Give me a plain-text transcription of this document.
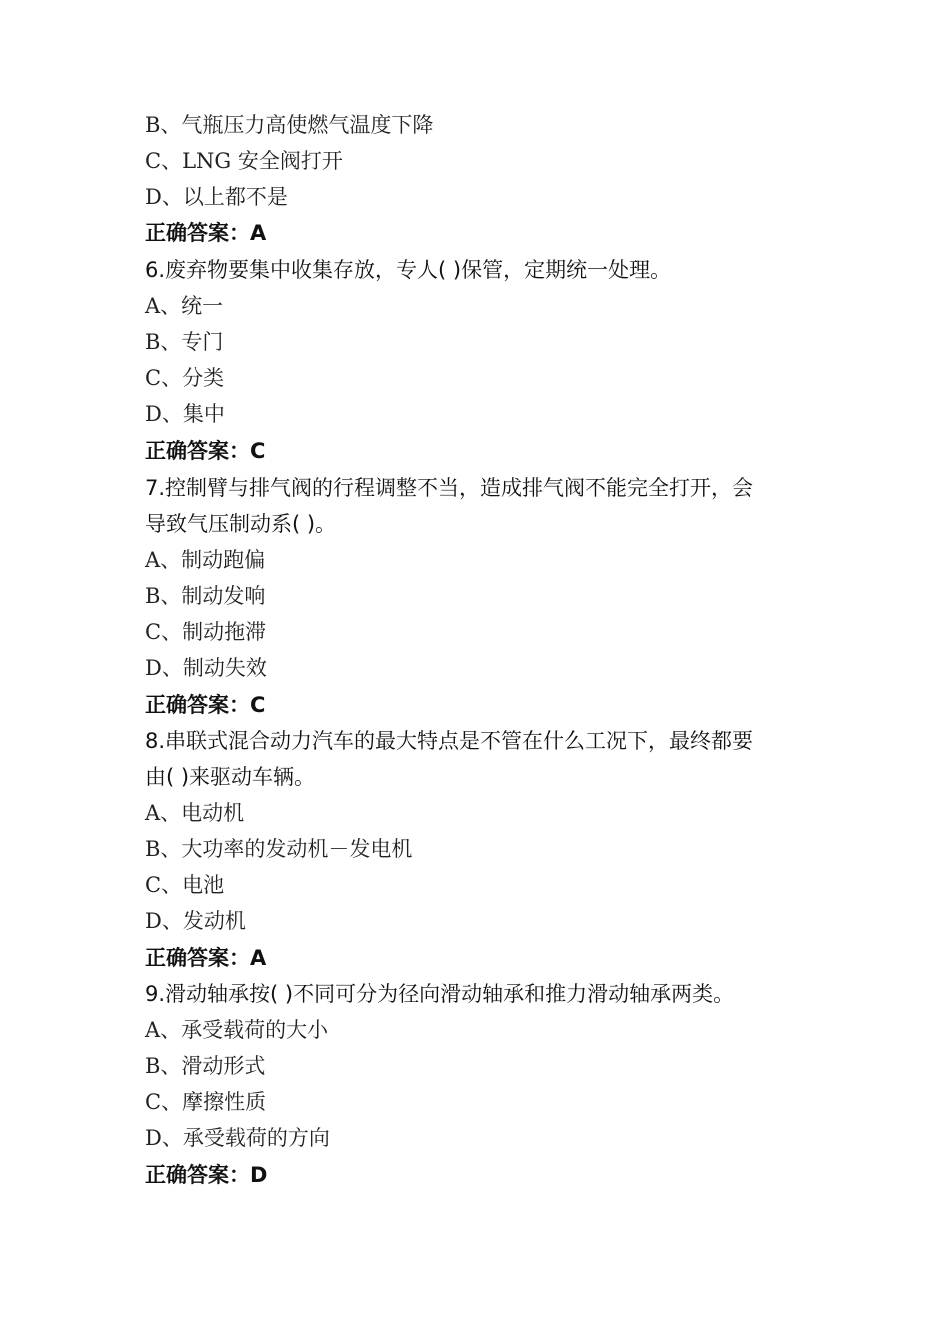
B、气瓶压力高使燃气温度下降
C、LNG 安全阀打开
D、以上都不是
正确答案：A
6.废弃物要集中收集存放，专人( )保管，定期统一处理。
A、统一
B、专门
C、分类
D、集中
正确答案：C
7.控制臂与排气阀的行程调整不当，造成排气阀不能完全打开，会
导致气压制动系( )。
A、制动跑偏
B、制动发响
C、制动拖滞
D、制动失效
正确答案：C
8.串联式混合动力汽车的最大特点是不管在什么工况下，最终都要
由( )来驱动车辆。
A、电动机
B、大功率的发动机－发电机
C、电池
D、发动机
正确答案：A
9.滑动轴承按( )不同可分为径向滑动轴承和推力滑动轴承两类。
A、承受载荷的大小
B、滑动形式
C、摩擦性质
D、承受载荷的方向
正确答案：D
